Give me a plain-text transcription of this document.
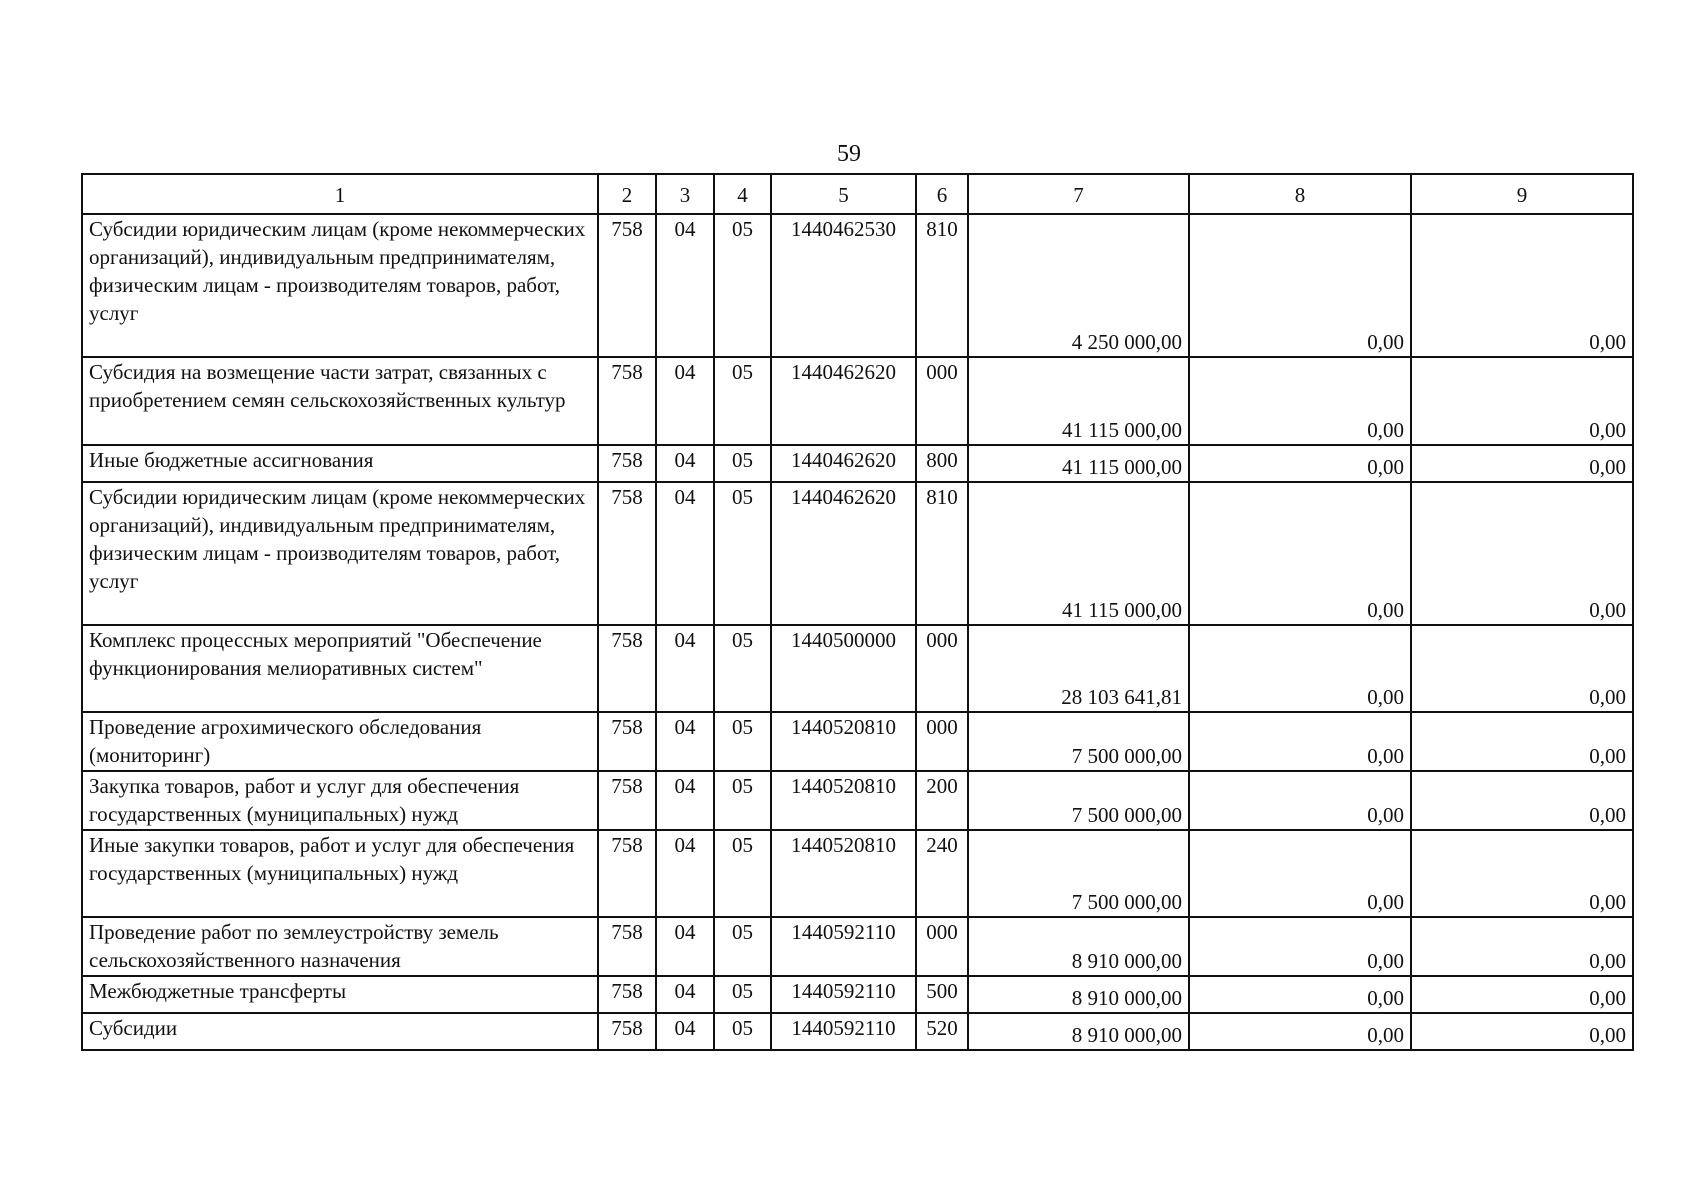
59
1	2	3	4	5	6	7	8	9
Субсидии юридическим лицам (кроме некоммерческих организаций), индивидуальным предпринимателям, физическим лицам - производителям товаров, работ, услуг	758	04	05	1440462530	810	4 250 000,00	0,00	0,00
Субсидия на возмещение части затрат, связанных с приобретением семян сельскохозяйственных культур	758	04	05	1440462620	000	41 115 000,00	0,00	0,00
Иные бюджетные ассигнования	758	04	05	1440462620	800	41 115 000,00	0,00	0,00
Субсидии юридическим лицам (кроме некоммерческих организаций), индивидуальным предпринимателям, физическим лицам - производителям товаров, работ, услуг	758	04	05	1440462620	810	41 115 000,00	0,00	0,00
Комплекс процессных мероприятий "Обеспечение функционирования мелиоративных систем"	758	04	05	1440500000	000	28 103 641,81	0,00	0,00
Проведение агрохимического обследования (мониторинг)	758	04	05	1440520810	000	7 500 000,00	0,00	0,00
Закупка товаров, работ и услуг для обеспечения государственных (муниципальных) нужд	758	04	05	1440520810	200	7 500 000,00	0,00	0,00
Иные закупки товаров, работ и услуг для обеспечения государственных (муниципальных) нужд	758	04	05	1440520810	240	7 500 000,00	0,00	0,00
Проведение работ по землеустройству земель сельскохозяйственного назначения	758	04	05	1440592110	000	8 910 000,00	0,00	0,00
Межбюджетные трансферты	758	04	05	1440592110	500	8 910 000,00	0,00	0,00
Субсидии	758	04	05	1440592110	520	8 910 000,00	0,00	0,00
